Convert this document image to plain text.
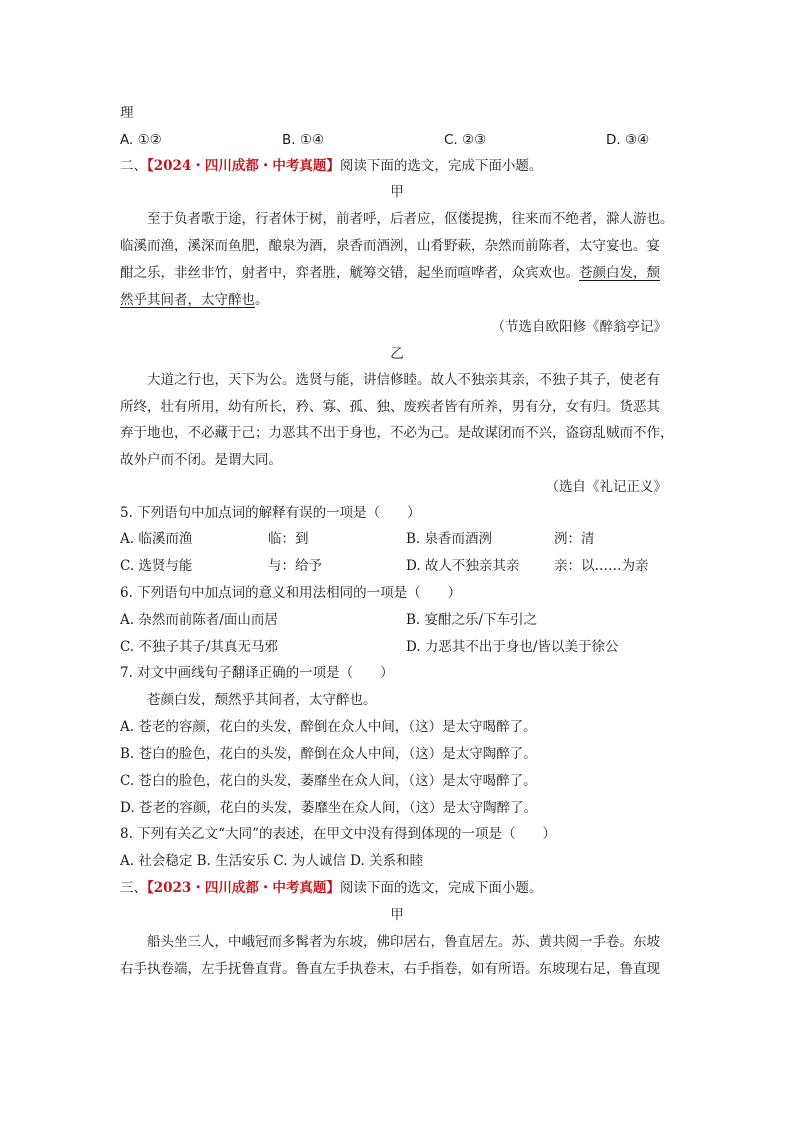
理
A. ①②	B. ①④	C. ②③	D. ③④
二、【2024・四川成都・中考真题】阅读下面的选文，完成下面小题。
甲
至于负者歌于途，行者休于树，前者呼，后者应，伛偻提携，往来而不绝者，滁人游也。
临溪而渔，溪深而鱼肥，酿泉为酒，泉香而酒洌，山肴野蔌，杂然而前陈者，太守宴也。宴
酣之乐，非丝非竹，射者中，弈者胜，觥筹交错，起坐而喧哗者，众宾欢也。苍颜白发，颓
然乎其间者，太守醉也。
（节选自欧阳修《醉翁亭记》
乙
大道之行也，天下为公。选贤与能，讲信修睦。故人不独亲其亲，不独子其子，使老有
所终，壮有所用，幼有所长，矜、寡、孤、独、废疾者皆有所养，男有分，女有归。货恶其
弃于地也，不必藏于己；力恶其不出于身也，不必为己。是故谋闭而不兴，盗窃乱贼而不作，
故外户而不闭。是谓大同。
（选自《礼记正义》
5. 下列语句中加点词的解释有误的一项是（　　）
A. 临溪而渔	临：到	B. 泉香而酒洌	洌：清
C. 选贤与能	与：给予	D. 故人不独亲其亲	亲：以……为亲
6. 下列语句中加点词的意义和用法相同的一项是（　　）
A. 杂然而前陈者/面山而居	B. 宴酣之乐/下车引之
C. 不独子其子/其真无马邪	D. 力恶其不出于身也/皆以美于徐公
7. 对文中画线句子翻译正确的一项是（　　）
苍颜白发，颓然乎其间者，太守醉也。
A. 苍老的容颜，花白的头发，醉倒在众人中间，（这）是太守喝醉了。
B. 苍白的脸色，花白的头发，醉倒在众人中间，（这）是太守陶醉了。
C. 苍白的脸色，花白的头发，萎靡坐在众人间，（这）是太守喝醉了。
D. 苍老的容颜，花白的头发，萎靡坐在众人间，（这）是太守陶醉了。
8. 下列有关乙文“大同”的表述，在甲文中没有得到体现的一项是（　　）
A. 社会稳定 B. 生活安乐 C. 为人诚信 D. 关系和睦
三、【2023・四川成都・中考真题】阅读下面的选文，完成下面小题。
甲
船头坐三人，中峨冠而多髯者为东坡，佛印居右，鲁直居左。苏、黄共阅一手卷。东坡
右手执卷端，左手抚鲁直背。鲁直左手执卷末，右手指卷，如有所语。东坡现右足，鲁直现
